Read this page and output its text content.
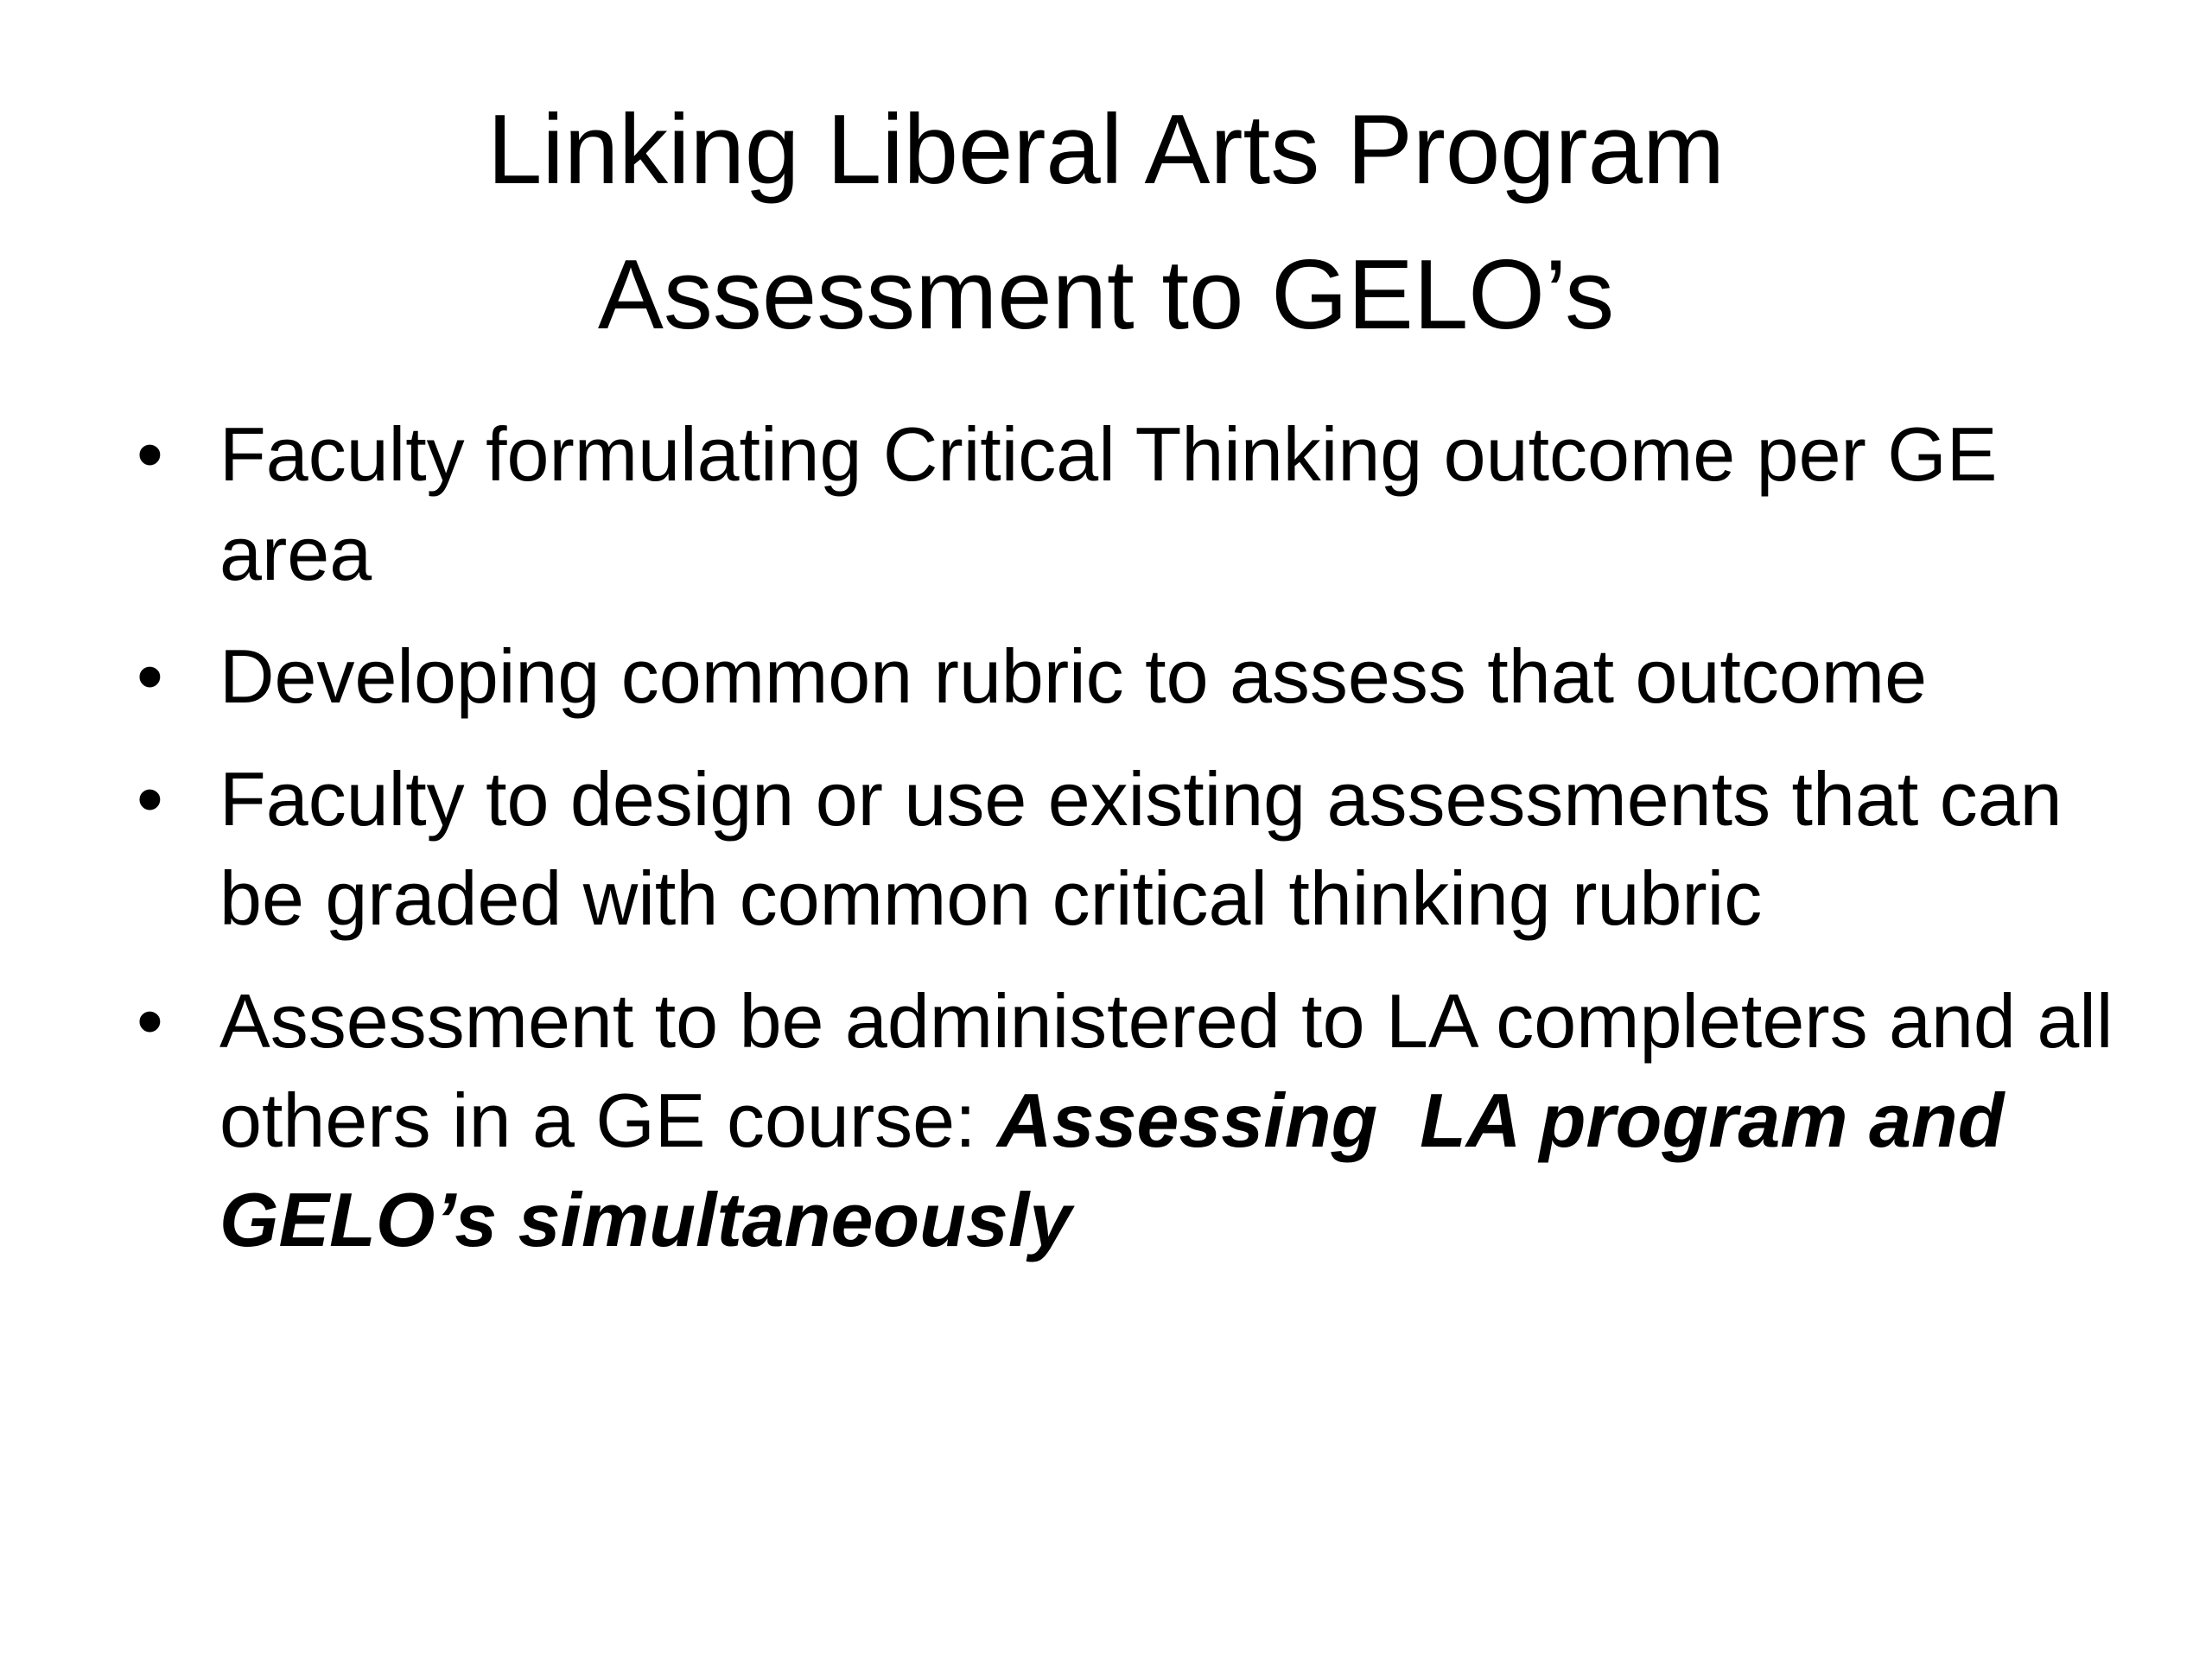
Linking Liberal Arts Program
Assessment to GELO’s
• Faculty formulating Critical Thinking outcome per GE area
• Developing common rubric to assess that outcome
• Faculty to design or use existing assessments that can be graded with common critical thinking rubric
• Assessment to be administered to LA completers and all others in a GE course: Assessing  LA program and GELO’s simultaneously
